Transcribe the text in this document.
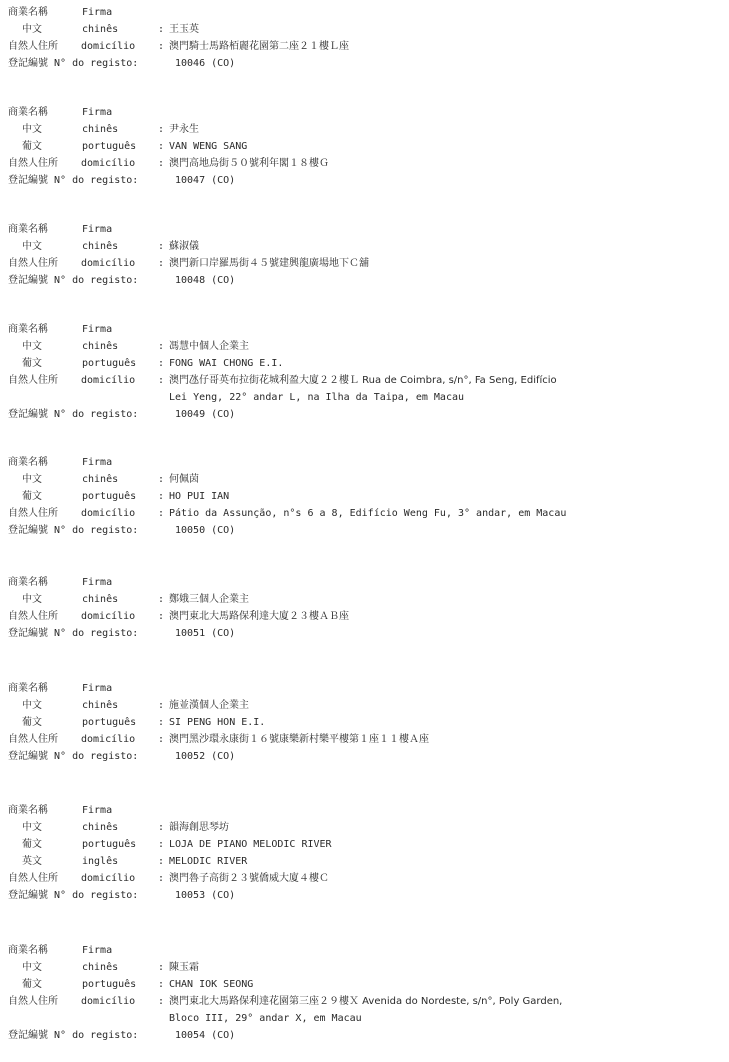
商業名稱	Firma
中文	chinês	: 王玉英
自然人住所 domicílio : 澳門騎士馬路栢麗花園第二座２１樓Ｌ座
登記編號 N° do registo:	10046 (CO)
商業名稱	Firma
中文	chinês	: 尹永生
葡文	português : VAN WENG SANG
自然人住所 domicílio : 澳門高地烏街５０號利年閣１８樓Ｇ
登記編號 N° do registo:	10047 (CO)
商業名稱	Firma
中文	chinês	: 蘇淑儀
自然人住所 domicílio : 澳門新口岸羅馬街４５號建興龍廣場地下Ｃ舖
登記編號 N° do registo:	10048 (CO)
商業名稱	Firma
中文	chinês	: 馮慧中個人企業主
葡文	português : FONG WAI CHONG E.I.
自然人住所 domicílio : 澳門氹仔哥英布拉街花城利盈大廈２２樓Ｌ Rua de Coimbra, s/n°, Fa Seng, Edifício
Lei Yeng, 22° andar L, na Ilha da Taipa, em Macau
登記編號 N° do registo:	10049 (CO)
商業名稱	Firma
中文	chinês	: 何佩茵
葡文	português : HO PUI IAN
自然人住所 domicílio : Pátio da Assunção, n°s 6 a 8, Edifício Weng Fu, 3° andar, em Macau
登記編號 N° do registo:	10050 (CO)
商業名稱	Firma
中文	chinês	: 鄭娥三個人企業主
自然人住所 domicílio : 澳門東北大馬路保利達大廈２３樓ＡＢ座
登記編號 N° do registo:	10051 (CO)
商業名稱	Firma
中文	chinês	: 施並漢個人企業主
葡文	português : SI PENG HON E.I.
自然人住所 domicílio : 澳門黑沙環永康街１６號康樂新村樂平樓第１座１１樓Ａ座
登記編號 N° do registo:	10052 (CO)
商業名稱	Firma
中文	chinês	: 韻海創思琴坊
葡文	português : LOJA DE PIANO MELODIC RIVER
英文	inglês	: MELODIC RIVER
自然人住所 domicílio : 澳門魯子高街２３號僑威大廈４樓Ｃ
登記編號 N° do registo:	10053 (CO)
商業名稱	Firma
中文	chinês	: 陳玉霜
葡文	português : CHAN IOK SEONG
自然人住所 domicílio : 澳門東北大馬路保利達花園第三座２９樓Ｘ Avenida do Nordeste, s/n°, Poly Garden,
Bloco III, 29° andar X, em Macau
登記編號 N° do registo:	10054 (CO)
